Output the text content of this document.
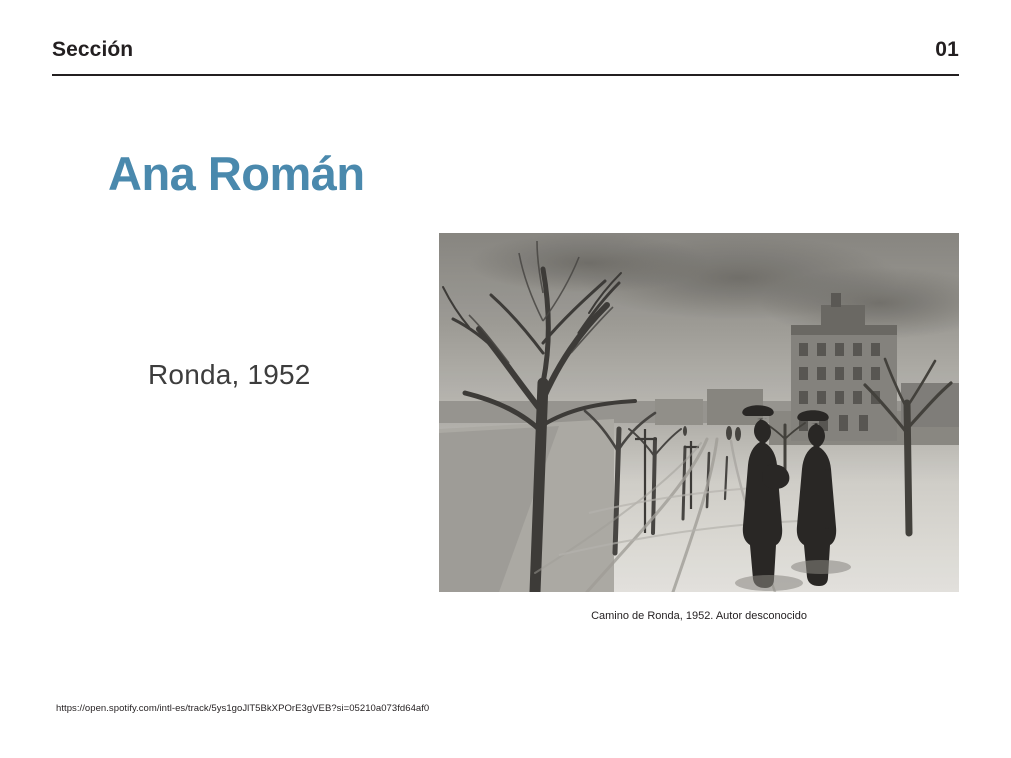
Sección	01
Ana Román
Ronda, 1952
Camino de Ronda, 1952. Autor desconocido
https://open.spotify.com/intl-es/track/5ys1goJlT5BkXPOrE3gVEB?si=05210a073fd64af0
